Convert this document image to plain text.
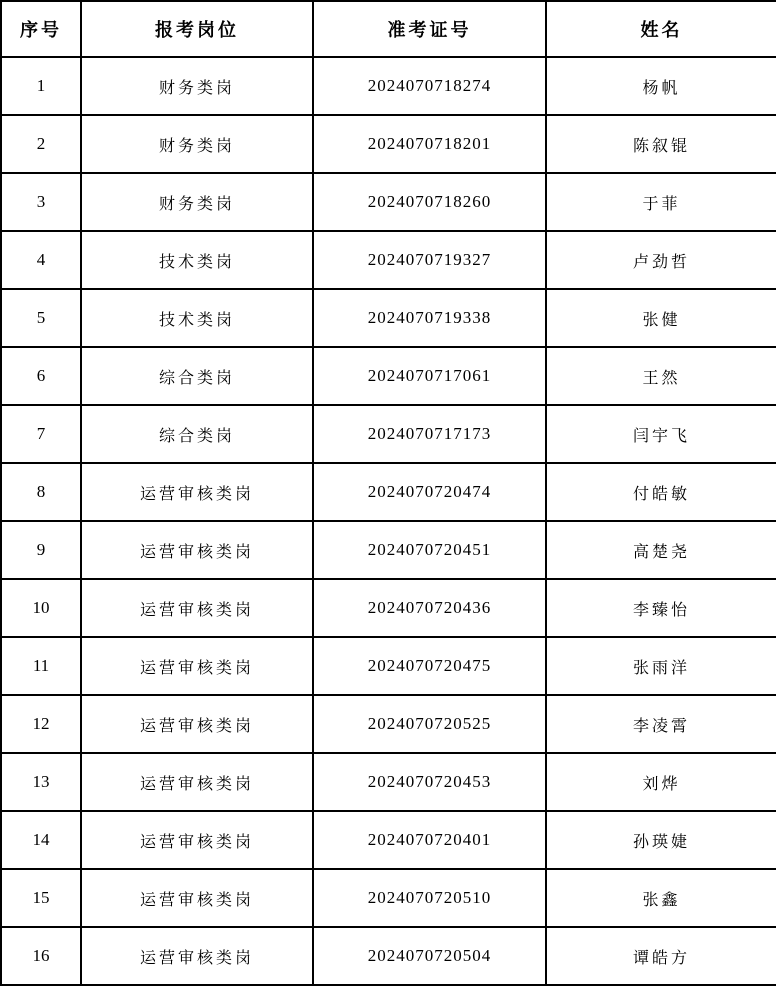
序号	报考岗位	准考证号	姓名
1	财务类岗	2024070718274	杨帆
2	财务类岗	2024070718201	陈叙锟
3	财务类岗	2024070718260	于菲
4	技术类岗	2024070719327	卢劲哲
5	技术类岗	2024070719338	张健
6	综合类岗	2024070717061	王然
7	综合类岗	2024070717173	闫宇飞
8	运营审核类岗	2024070720474	付皓敏
9	运营审核类岗	2024070720451	高楚尧
10	运营审核类岗	2024070720436	李臻怡
11	运营审核类岗	2024070720475	张雨洋
12	运营审核类岗	2024070720525	李凌霄
13	运营审核类岗	2024070720453	刘烨
14	运营审核类岗	2024070720401	孙瑛婕
15	运营审核类岗	2024070720510	张鑫
16	运营审核类岗	2024070720504	谭皓方
